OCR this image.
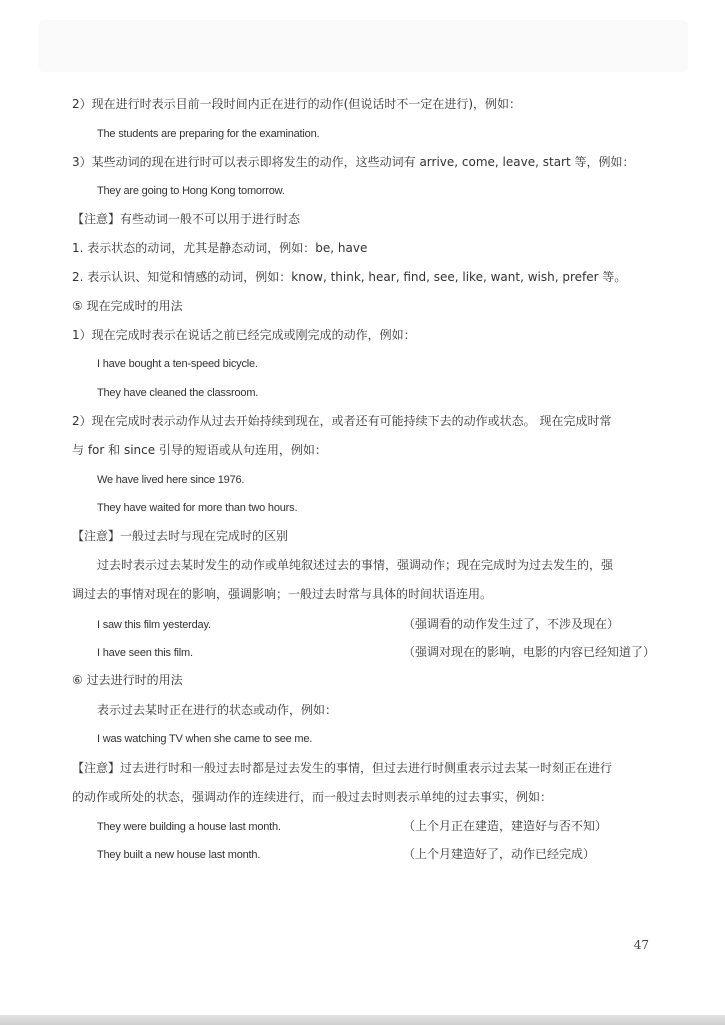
2）现在进行时表示目前一段时间内正在进行的动作(但说话时不一定在进行)，例如：
The students are preparing for the examination.
3）某些动词的现在进行时可以表示即将发生的动作，这些动词有 arrive, come, leave, start 等，例如：
They are going to Hong Kong tomorrow.
【注意】有些动词一般不可以用于进行时态
1. 表示状态的动词，尤其是静态动词，例如：be, have
2. 表示认识、知觉和情感的动词，例如：know, think, hear, find, see, like, want, wish, prefer 等。
⑤ 现在完成时的用法
1）现在完成时表示在说话之前已经完成或刚完成的动作，例如：
I have bought a ten-speed bicycle.
They have cleaned the classroom.
2）现在完成时表示动作从过去开始持续到现在，或者还有可能持续下去的动作或状态。 现在完成时常
与 for 和 since 引导的短语或从句连用，例如：
We have lived here since 1976.
They have waited for more than two hours.
【注意】一般过去时与现在完成时的区别
过去时表示过去某时发生的动作或单纯叙述过去的事情，强调动作；现在完成时为过去发生的，强
调过去的事情对现在的影响，强调影响；一般过去时常与具体的时间状语连用。
I saw this film yesterday.	（强调看的动作发生过了，不涉及现在）
I have seen this film.	（强调对现在的影响，电影的内容已经知道了）
⑥ 过去进行时的用法
表示过去某时正在进行的状态或动作，例如：
I was watching TV when she came to see me.
【注意】过去进行时和一般过去时都是过去发生的事情，但过去进行时侧重表示过去某一时刻正在进行
的动作或所处的状态，强调动作的连续进行，而一般过去时则表示单纯的过去事实，例如：
They were building a house last month.	（上个月正在建造，建造好与否不知）
They built a new house last month.	（上个月建造好了，动作已经完成）
47
